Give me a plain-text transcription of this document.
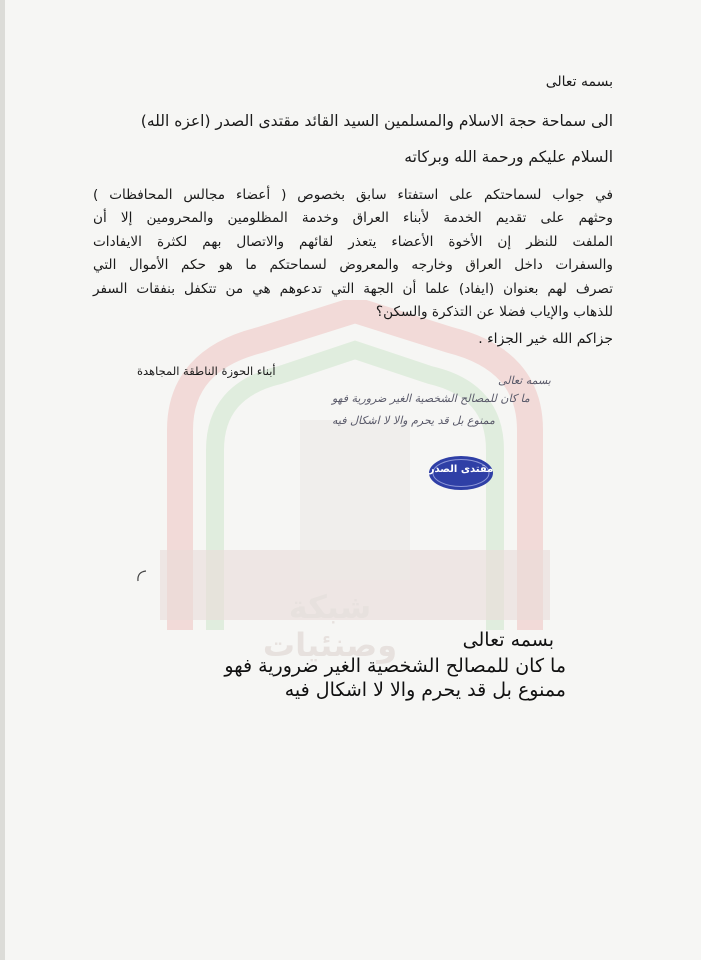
شبكة وصنئيات
بسمه تعالى
الى سماحة حجة الاسلام والمسلمين السيد القائد مقتدى الصدر (اعزه الله)
السلام عليكم ورحمة الله وبركاته
في جواب لسماحتكم على استفتاء سابق بخصوص ( أعضاء مجالس المحافظات )
وحثهم على تقديم الخدمة لأبناء العراق وخدمة المظلومين والمحرومين إلا أن
الملفت للنظر إن الأخوة الأعضاء يتعذر لقائهم والاتصال بهم لكثرة الايفادات
والسفرات داخل العراق وخارجه والمعروض لسماحتكم ما هو حكم الأموال التي
تصرف لهم بعنوان (ايفاد) علما أن الجهة التي تدعوهم هي من تتكفل بنفقات السفر
للذهاب والإياب فضلا عن التذكرة والسكن؟
جزاكم الله خير الجزاء .
أبناء الحوزة الناطقة المجاهدة
بسمه تعالى
ما كان للمصالح الشخصية الغير ضرورية فهو
ممنوع بل قد يحرم والا لا اشكال فيه
مقتدى الصدر
بسمه تعالى
ما كان للمصالح الشخصية الغير ضرورية فهو
ممنوع بل قد يحرم والا لا اشكال فيه
